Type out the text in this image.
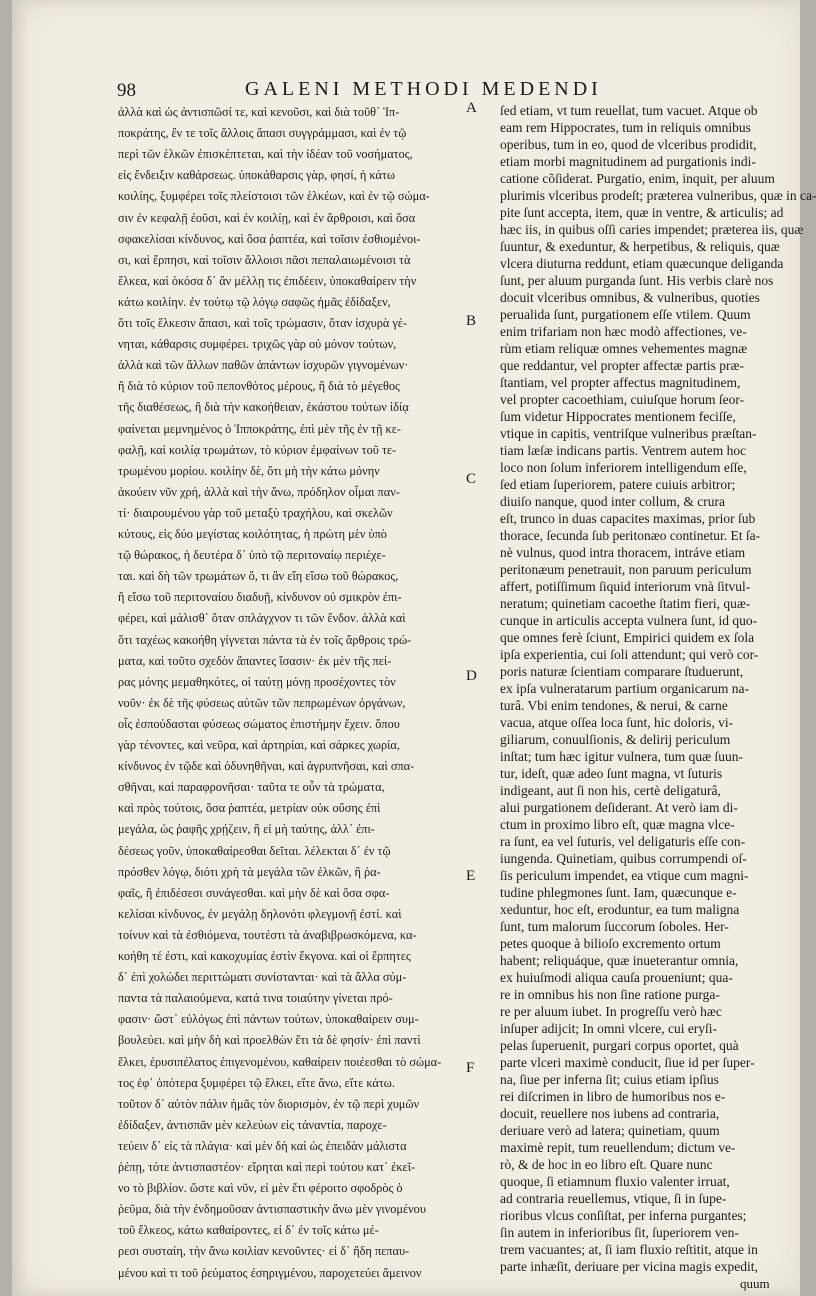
98	GALENI METHODI MEDENDI
ἀλλὰ καὶ ὡς ἀντισπῶσί τε, καὶ κενοῦσι, καὶ διὰ τοῦθ᾽ Ἱπ-
ποκράτης, ἔν τε τοῖς ἄλλοις ἅπασι συγγράμμασι, καὶ ἐν τῷ
περὶ τῶν ἑλκῶν ἐπισκέπτεται, καὶ τὴν ἰδέαν τοῦ νοσήματος,
εἰς ἔνδειξιν καθάρσεως. ὑποκάθαρσις γὰρ, φησί, ἡ κάτω
κοιλίης, ξυμφέρει τοῖς πλείστοισι τῶν ἑλκέων, καὶ ἐν τῷ σώμα-
σιν ἐν κεφαλῇ ἐοῦσι, καὶ ἐν κοιλίῃ, καὶ ἐν ἄρθροισι, καὶ ὅσα
σφακελίσαι κίνδυνος, καὶ ὅσα ῥαπτέα, καὶ τοῖσιν ἐσθιομένοι-
σι, καὶ ἕρπησι, καὶ τοῖσιν ἄλλοισι πᾶσι πεπαλαιωμένοισι τὰ
ἕλκεα, καὶ ὁκόσα δ᾽ ἂν μέλλῃ τις ἐπιδέειν, ὑποκαθαίρειν τὴν
κάτω κοιλίην. ἐν τούτῳ τῷ λόγῳ σαφῶς ἡμᾶς ἐδίδαξεν,
ὅτι τοῖς ἕλκεσιν ἅπασι, καὶ τοῖς τρώμασιν, ὅταν ἰσχυρὰ γέ-
νηται, κάθαρσις συμφέρει. τριχῶς γὰρ οὐ μόνον τούτων,
ἀλλὰ καὶ τῶν ἄλλων παθῶν ἁπάντων ἰσχυρῶν γιγνομένων·
ἢ διὰ τὸ κύριον τοῦ πεπονθότος μέρους, ἢ διὰ τὸ μέγεθος
τῆς διαθέσεως, ἢ διὰ τὴν κακοήθειαν, ἑκάστου τούτων ἰδίᾳ
φαίνεται μεμνημένος ὁ Ἱπποκράτης, ἐπὶ μὲν τῆς ἐν τῇ κε-
φαλῇ, καὶ κοιλίᾳ τρωμάτων, τὸ κύριον ἐμφαίνων τοῦ τε-
τρωμένου μορίου. κοιλίην δὲ, ὅτι μὴ τὴν κάτω μόνην
ἀκούειν νῦν χρή, ἀλλὰ καὶ τὴν ἄνω, πρόδηλον οἶμαι παν-
τί· διαιρουμένου γὰρ τοῦ μεταξὺ τραχήλου, καὶ σκελῶν
κύτους, εἰς δύο μεγίστας κοιλότητας, ἡ πρώτη μὲν ὑπὸ
τῷ θώρακος, ἡ δευτέρα δ᾽ ὑπὸ τῷ περιτοναίῳ περιέχε-
ται. καὶ δὴ τῶν τρωμάτων ὅ, τι ἂν εἴη εἴσω τοῦ θώρακος,
ἢ εἴσω τοῦ περιτοναίου διαδυῇ, κίνδυνον οὐ σμικρὸν ἐπι-
φέρει, καὶ μάλισθ᾽ ὅταν σπλάγχνον τι τῶν ἔνδον. ἀλλὰ καὶ
ὅτι ταχέως κακοήθη γίγνεται πάντα τὰ ἐν τοῖς ἄρθροις τρώ-
ματα, καὶ τοῦτο σχεδὸν ἅπαντες ἴσασιν· ἐκ μὲν τῆς πεί-
ρας μόνης μεμαθηκότες, οἱ ταύτῃ μόνῃ προσέχοντες τὸν
νοῦν· ἐκ δὲ τῆς φύσεως αὐτῶν τῶν πεπρωμένων ὀργάνων,
οἷς ἐσπούδασται φύσεως σώματος ἐπιστήμην ἔχειν. ὅπου
γὰρ τένοντες, καὶ νεῦρα, καὶ ἀρτηρίαι, καὶ σάρκες χωρία,
κίνδυνος ἐν τῷδε καὶ ὀδυνηθῆναι, καὶ ἀγρυπνῆσαι, καὶ σπα-
σθῆναι, καὶ παραφρονῆσαι· ταῦτα τε οὖν τὰ τρώματα,
καὶ πρὸς τούτοις, ὅσα ῥαπτέα, μετρίαν οὐκ οὔσης ἐπὶ
μεγάλα, ὡς ῥαφῆς χρῄζειν, ἢ εἰ μὴ ταύτης, ἀλλ᾽ ἐπι-
δέσεως γοῦν, ὑποκαθαίρεσθαι δεῖται. λέλεκται δ᾽ ἐν τῷ
πρόσθεν λόγῳ, διότι χρὴ τὰ μεγάλα τῶν ἑλκῶν, ἢ ῥα-
φαῖς, ἢ ἐπιδέσεσι συνάγεσθαι. καὶ μὴν δὲ καὶ ὅσα σφα-
κελίσαι κίνδυνος, ἐν μεγάλῃ δηλονότι φλεγμονῇ ἐστί. καὶ
τοίνυν καὶ τὰ ἐσθιόμενα, τουτέστι τὰ ἀναβιβρωσκόμενα, κα-
κοήθη τέ ἐστι, καὶ κακοχυμίας ἐστὶν ἔκγονα. καὶ οἱ ἕρπητες
δ᾽ ἐπὶ χολώδει περιττώματι συνίστανται· καὶ τὰ ἄλλα σύμ-
παντα τὰ παλαιούμενα, κατά τινα τοιαύτην γίνεται πρό-
φασιν· ὥστ᾽ εὐλόγως ἐπὶ πάντων τούτων, ὑποκαθαίρειν συμ-
βουλεύει. καὶ μὴν δὴ καὶ προελθὼν ἔτι τὰ δὲ φησίν· ἐπὶ παντὶ
ἕλκει, ἐρυσιπέλατος ἐπιγενομένου, καθαίρειν ποιέεσθαι τὸ σώμα-
τος ἐφ᾽ ὁπότερα ξυμφέρει τῷ ἕλκει, εἴτε ἄνω, εἴτε κάτω.
τοῦτον δ᾽ αὐτὸν πάλιν ἡμᾶς τὸν διορισμὸν, ἐν τῷ περὶ χυμῶν
ἐδίδαξεν, ἀντισπᾶν μὲν κελεύων εἰς τἀναντία, παροχε-
τεύειν δ᾽ εἰς τὰ πλάγια· καὶ μὲν δὴ καὶ ὡς ἐπειδὰν μάλιστα
ῥέπῃ, τότε ἀντισπαστέον· εἴρηται καὶ περὶ τούτου κατ᾽ ἐκεῖ-
νο τὸ βιβλίον. ὥστε καὶ νῦν, εἰ μὲν ἔτι φέροιτο σφοδρὸς ὁ
ῥεῦμα, διὰ τὴν ἐνδημοῦσαν ἀντισπαστικὴν ἄνω μὲν γινομένου
τοῦ ἕλκεος, κάτω καθαίροντες, εἰ δ᾽ ἐν τοῖς κάτω μέ-
ρεσι συσταίη, τὴν ἄνω κοιλίαν κενοῦντες· εἰ δ᾽ ἤδη πεπαυ-
μένου καὶ τι τοῦ ῥεύματος ἐσηριγμένου, παροχετεύει ἄμεινον
ſed etiam, vt tum reuellat, tum vacuet. Atque ob
eam rem Hippocrates, tum in reliquis omnibus
operibus, tum in eo, quod de vlceribus prodidit,
etiam morbi magnitudinem ad purgationis indi-
catione cõſiderat. Purgatio, enim, inquit, per aluum
plurimis vlceribus prodeſt; præterea vulneribus, quæ in ca-
pite ſunt accepta, item, quæ in ventre, & articulis; ad
hæc iis, in quibus oſſi caries impendet; præterea iis, quæ
ſuuntur, & exeduntur, & herpetibus, & reliquis, quæ
vlcera diuturna reddunt, etiam quæcunque deliganda
ſunt, per aluum purganda ſunt. His verbis clarè nos
docuit vlceribus omnibus, & vulneribus, quoties
perualida ſunt, purgationem eſſe vtilem. Quum
enim trifariam non hæc modò affectiones, ve-
rùm etiam reliquæ omnes vehementes magnæ
que reddantur, vel propter affectæ partis præ-
ſtantiam, vel propter affectus magnitudinem,
vel propter cacoethiam, cuiuſque horum ſeor-
ſum videtur Hippocrates mentionem feciſſe,
vtique in capitis, ventriſque vulneribus præſtan-
tiam læſæ indicans partis. Ventrem autem hoc
loco non ſolum inferiorem intelligendum eſſe,
ſed etiam ſuperiorem, patere cuiuis arbitror;
diuiſo nanque, quod inter collum, & crura
eſt, trunco in duas capacites maximas, prior ſub
thorace, ſecunda ſub peritonæo continetur. Et ſa-
nè vulnus, quod intra thoracem, intráve etiam
peritonæum penetrauit, non paruum periculum
affert, potiſſimum ſiquid interiorum vnà ſitvul-
neratum; quinetiam cacoethe ſtatim fieri, quæ-
cunque in articulis accepta vulnera ſunt, id quo-
que omnes ferè ſciunt, Empirici quidem ex ſola
ipſa experientia, cui ſoli attendunt; qui verò cor-
poris naturæ ſcientiam comparare ſtuduerunt,
ex ipſa vulneratarum partium organicarum na-
turâ. Vbi enim tendones, & nerui, & carne
vacua, atque oſſea loca ſunt, hic doloris, vi-
giliarum, conuulſionis, & delirij periculum
inſtat; tum hæc igitur vulnera, tum quæ ſuun-
tur, ideſt, quæ adeo ſunt magna, vt ſuturis
indigeant, aut ſi non his, certè deligaturâ,
alui purgationem deſiderant. At verò iam di-
ctum in proximo libro eſt, quæ magna vlce-
ra ſunt, ea vel ſuturis, vel deligaturis eſſe con-
iungenda. Quinetiam, quibus corrumpendi oſ-
ſis periculum impendet, ea vtique cum magni-
tudine phlegmones ſunt. Iam, quæcunque e-
xeduntur, hoc eſt, eroduntur, ea tum maligna
ſunt, tum malorum ſuccorum ſoboles. Her-
petes quoque à bilioſo excremento ortum
habent; reliquáque, quæ inueterantur omnia,
ex huiuſmodi aliqua cauſa proueniunt; qua-
re in omnibus his non ſine ratione purga-
re per aluum iubet. In progreſſu verò hæc
inſuper adijcit; In omni vlcere, cui eryſi-
pelas ſuperuenit, purgari corpus oportet, quà
parte vlceri maximè conducit, ſiue id per ſuper-
na, ſiue per inferna ſit; cuius etiam ipſius
rei diſcrimen in libro de humoribus nos e-
docuit, reuellere nos iubens ad contraria,
deriuare verò ad latera; quinetiam, quum
maximè repit, tum reuellendum; dictum ve-
rò, & de hoc in eo libro eſt. Quare nunc
quoque, ſi etiamnum fluxio valenter irruat,
ad contraria reuellemus, vtique, ſi in ſupe-
rioribus vlcus conſiſtat, per inferna purgantes;
ſin autem in inferioribus ſit, ſuperiorem ven-
trem vacuantes; at, ſi iam fluxio reſtitit, atque in
parte inhæſit, deriuare per vicina magis expedit,
A
B
C
D
E
F
quum
